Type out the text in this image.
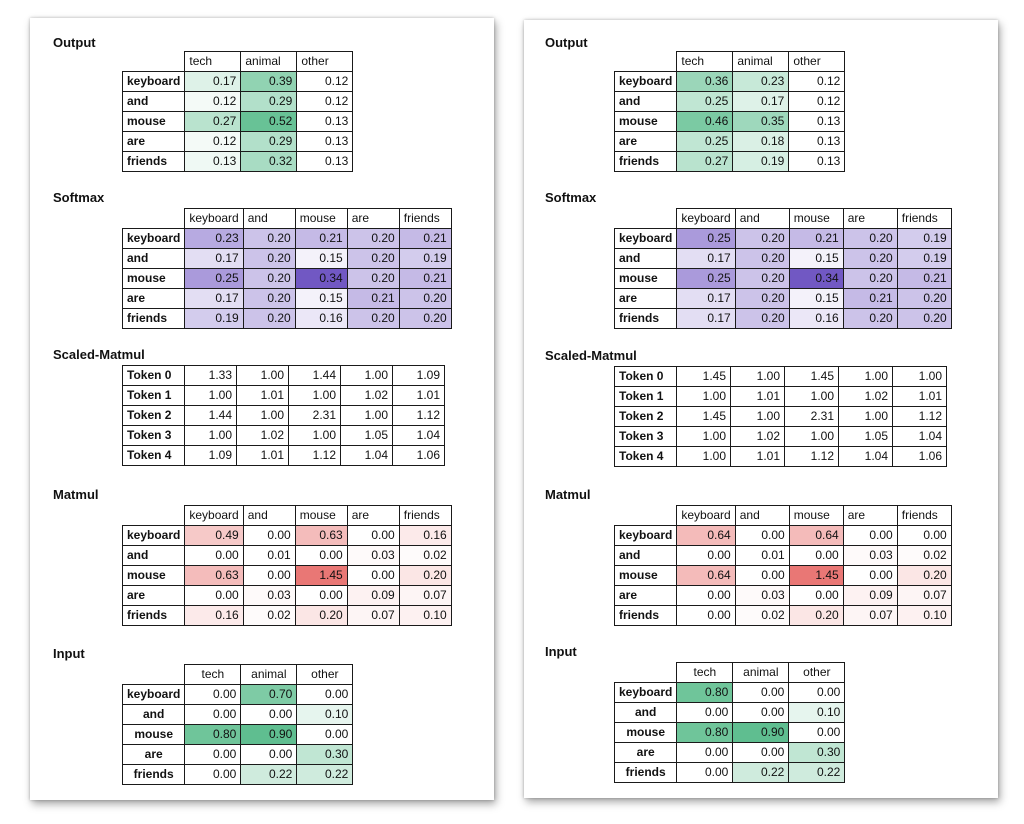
Output
	tech	animal	other
keyboard	0.17	0.39	0.12
and	0.12	0.29	0.12
mouse	0.27	0.52	0.13
are	0.12	0.29	0.13
friends	0.13	0.32	0.13
Softmax
	keyboard	and	mouse	are	friends
keyboard	0.23	0.20	0.21	0.20	0.21
and	0.17	0.20	0.15	0.20	0.19
mouse	0.25	0.20	0.34	0.20	0.21
are	0.17	0.20	0.15	0.21	0.20
friends	0.19	0.20	0.16	0.20	0.20
Scaled-Matmul
Token 0	1.33	1.00	1.44	1.00	1.09
Token 1	1.00	1.01	1.00	1.02	1.01
Token 2	1.44	1.00	2.31	1.00	1.12
Token 3	1.00	1.02	1.00	1.05	1.04
Token 4	1.09	1.01	1.12	1.04	1.06
Matmul
	keyboard	and	mouse	are	friends
keyboard	0.49	0.00	0.63	0.00	0.16
and	0.00	0.01	0.00	0.03	0.02
mouse	0.63	0.00	1.45	0.00	0.20
are	0.00	0.03	0.00	0.09	0.07
friends	0.16	0.02	0.20	0.07	0.10
Input
	tech	animal	other
keyboard	0.00	0.70	0.00
and	0.00	0.00	0.10
mouse	0.80	0.90	0.00
are	0.00	0.00	0.30
friends	0.00	0.22	0.22
Output
	tech	animal	other
keyboard	0.36	0.23	0.12
and	0.25	0.17	0.12
mouse	0.46	0.35	0.13
are	0.25	0.18	0.13
friends	0.27	0.19	0.13
Softmax
	keyboard	and	mouse	are	friends
keyboard	0.25	0.20	0.21	0.20	0.19
and	0.17	0.20	0.15	0.20	0.19
mouse	0.25	0.20	0.34	0.20	0.21
are	0.17	0.20	0.15	0.21	0.20
friends	0.17	0.20	0.16	0.20	0.20
Scaled-Matmul
Token 0	1.45	1.00	1.45	1.00	1.00
Token 1	1.00	1.01	1.00	1.02	1.01
Token 2	1.45	1.00	2.31	1.00	1.12
Token 3	1.00	1.02	1.00	1.05	1.04
Token 4	1.00	1.01	1.12	1.04	1.06
Matmul
	keyboard	and	mouse	are	friends
keyboard	0.64	0.00	0.64	0.00	0.00
and	0.00	0.01	0.00	0.03	0.02
mouse	0.64	0.00	1.45	0.00	0.20
are	0.00	0.03	0.00	0.09	0.07
friends	0.00	0.02	0.20	0.07	0.10
Input
	tech	animal	other
keyboard	0.80	0.00	0.00
and	0.00	0.00	0.10
mouse	0.80	0.90	0.00
are	0.00	0.00	0.30
friends	0.00	0.22	0.22
